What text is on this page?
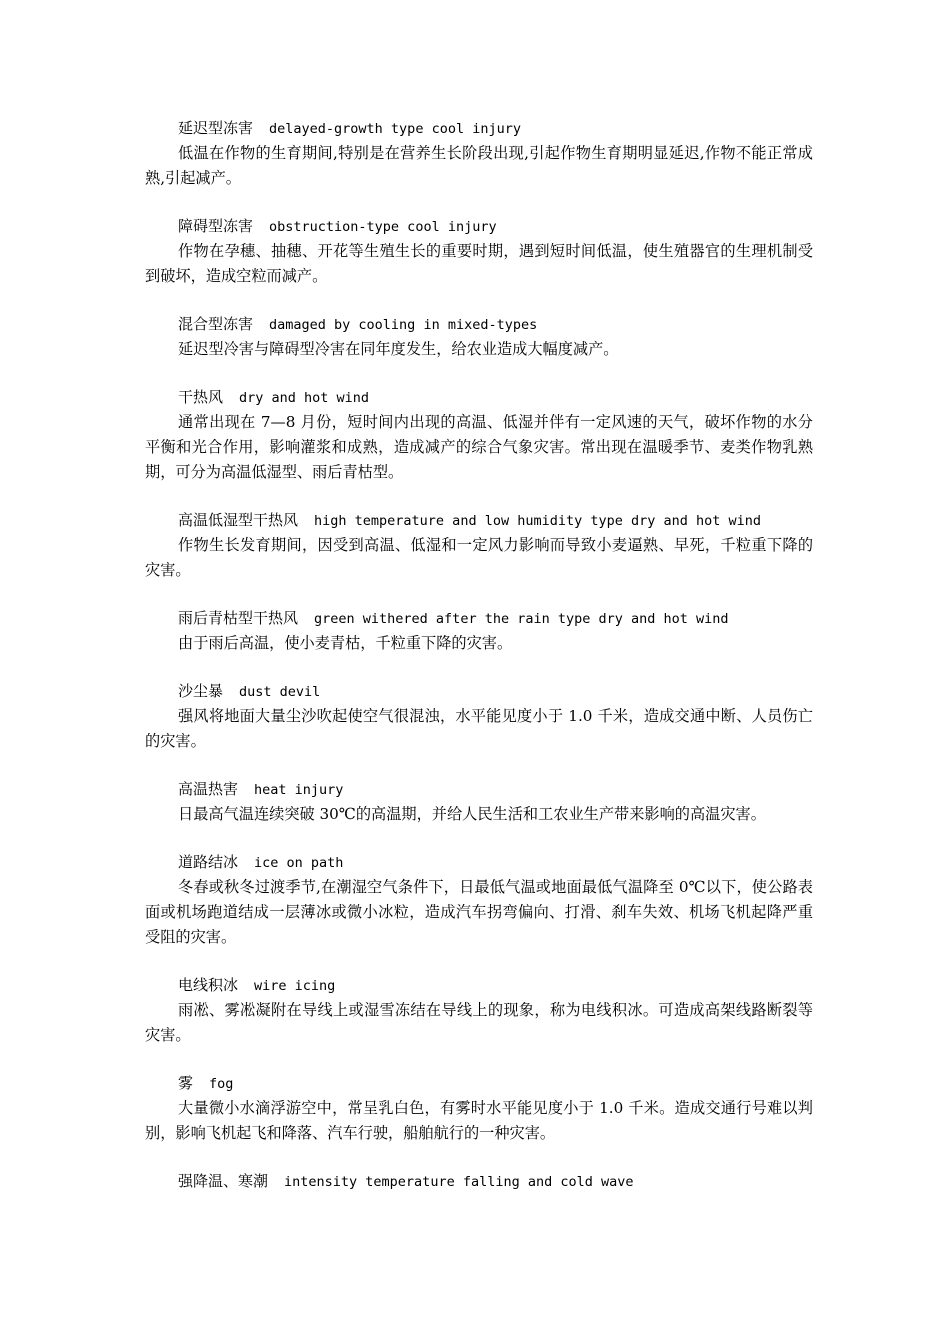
延迟型冻害 delayed-growth type cool injury

低温在作物的生育期间,特别是在营养生长阶段出现,引起作物生育期明显延迟,作物不能正常成熟,引起减产。

障碍型冻害 obstruction-type cool injury

作物在孕穗、抽穗、开花等生殖生长的重要时期，遇到短时间低温，使生殖器官的生理机制受到破坏，造成空粒而减产。

混合型冻害 damaged by cooling in mixed-types

延迟型冷害与障碍型冷害在同年度发生，给农业造成大幅度减产。

干热风 dry and hot wind

通常出现在 7—8 月份，短时间内出现的高温、低湿并伴有一定风速的天气，破坏作物的水分平衡和光合作用，影响灌浆和成熟，造成减产的综合气象灾害。常出现在温暖季节、麦类作物乳熟期，可分为高温低湿型、雨后青枯型。

高温低湿型干热风 high temperature and low humidity type dry and hot wind

作物生长发育期间，因受到高温、低湿和一定风力影响而导致小麦逼熟、早死，千粒重下降的灾害。

雨后青枯型干热风 green withered after the rain type dry and hot wind

由于雨后高温，使小麦青枯，千粒重下降的灾害。

沙尘暴 dust devil

强风将地面大量尘沙吹起使空气很混浊，水平能见度小于 1.0 千米，造成交通中断、人员伤亡的灾害。

高温热害 heat injury

日最高气温连续突破 30℃的高温期，并给人民生活和工农业生产带来影响的高温灾害。

道路结冰 ice on path

冬春或秋冬过渡季节,在潮湿空气条件下，日最低气温或地面最低气温降至 0℃以下，使公路表面或机场跑道结成一层薄冰或微小冰粒，造成汽车拐弯偏向、打滑、刹车失效、机场飞机起降严重受阻的灾害。

电线积冰 wire icing

雨凇、雾凇凝附在导线上或湿雪冻结在导线上的现象，称为电线积冰。可造成高架线路断裂等灾害。

雾 fog

大量微小水滴浮游空中，常呈乳白色，有雾时水平能见度小于 1.0 千米。造成交通行号难以判别，影响飞机起飞和降落、汽车行驶，船舶航行的一种灾害。

强降温、寒潮 intensity temperature falling and cold wave
